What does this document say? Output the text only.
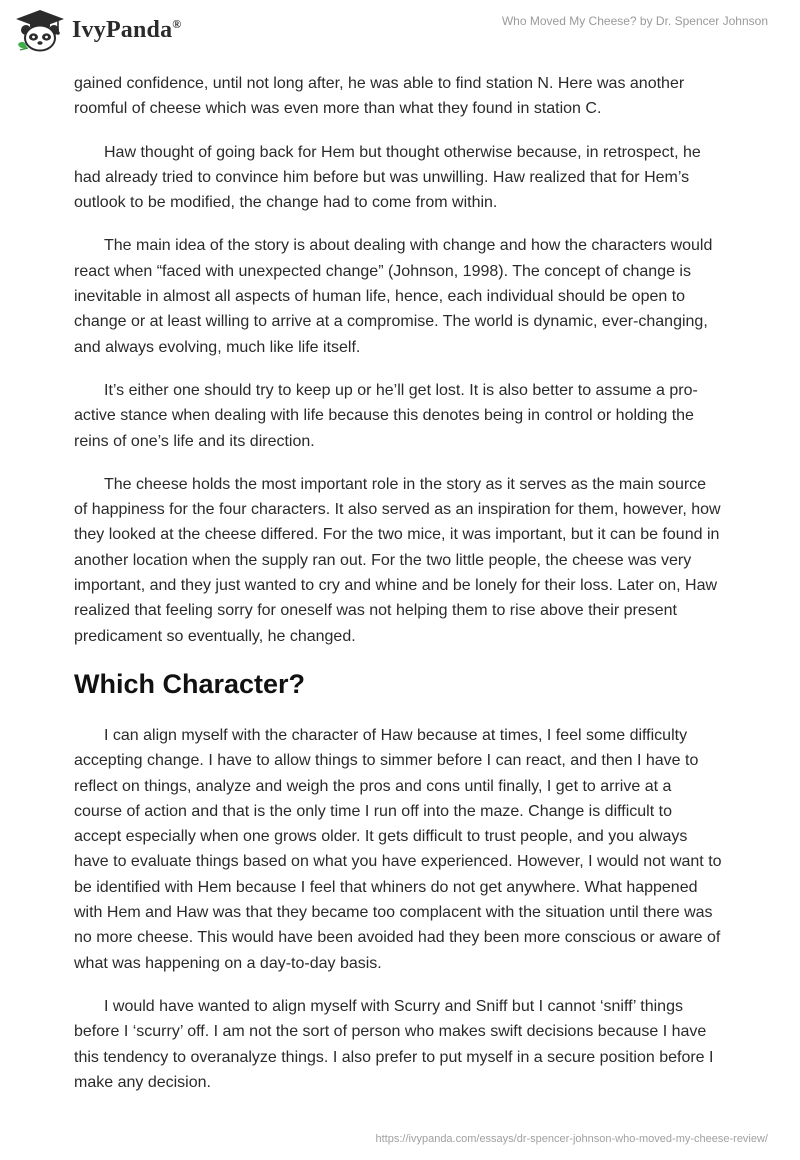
IvyPanda®	Who Moved My Cheese? by Dr. Spencer Johnson

gained confidence, until not long after, he was able to find station N. Here was another roomful of cheese which was even more than what they found in station C.

Haw thought of going back for Hem but thought otherwise because, in retrospect, he had already tried to convince him before but was unwilling. Haw realized that for Hem’s outlook to be modified, the change had to come from within.

The main idea of the story is about dealing with change and how the characters would react when “faced with unexpected change” (Johnson, 1998). The concept of change is inevitable in almost all aspects of human life, hence, each individual should be open to change or at least willing to arrive at a compromise. The world is dynamic, ever-changing, and always evolving, much like life itself.

It’s either one should try to keep up or he’ll get lost. It is also better to assume a pro-active stance when dealing with life because this denotes being in control or holding the reins of one’s life and its direction.

The cheese holds the most important role in the story as it serves as the main source of happiness for the four characters. It also served as an inspiration for them, however, how they looked at the cheese differed. For the two mice, it was important, but it can be found in another location when the supply ran out. For the two little people, the cheese was very important, and they just wanted to cry and whine and be lonely for their loss. Later on, Haw realized that feeling sorry for oneself was not helping them to rise above their present predicament so eventually, he changed.

Which Character?

I can align myself with the character of Haw because at times, I feel some difficulty accepting change. I have to allow things to simmer before I can react, and then I have to reflect on things, analyze and weigh the pros and cons until finally, I get to arrive at a course of action and that is the only time I run off into the maze. Change is difficult to accept especially when one grows older. It gets difficult to trust people, and you always have to evaluate things based on what you have experienced. However, I would not want to be identified with Hem because I feel that whiners do not get anywhere. What happened with Hem and Haw was that they became too complacent with the situation until there was no more cheese. This would have been avoided had they been more conscious or aware of what was happening on a day-to-day basis.

I would have wanted to align myself with Scurry and Sniff but I cannot ‘sniff’ things before I ‘scurry’ off. I am not the sort of person who makes swift decisions because I have this tendency to overanalyze things. I also prefer to put myself in a secure position before I make any decision.

https://ivypanda.com/essays/dr-spencer-johnson-who-moved-my-cheese-review/
